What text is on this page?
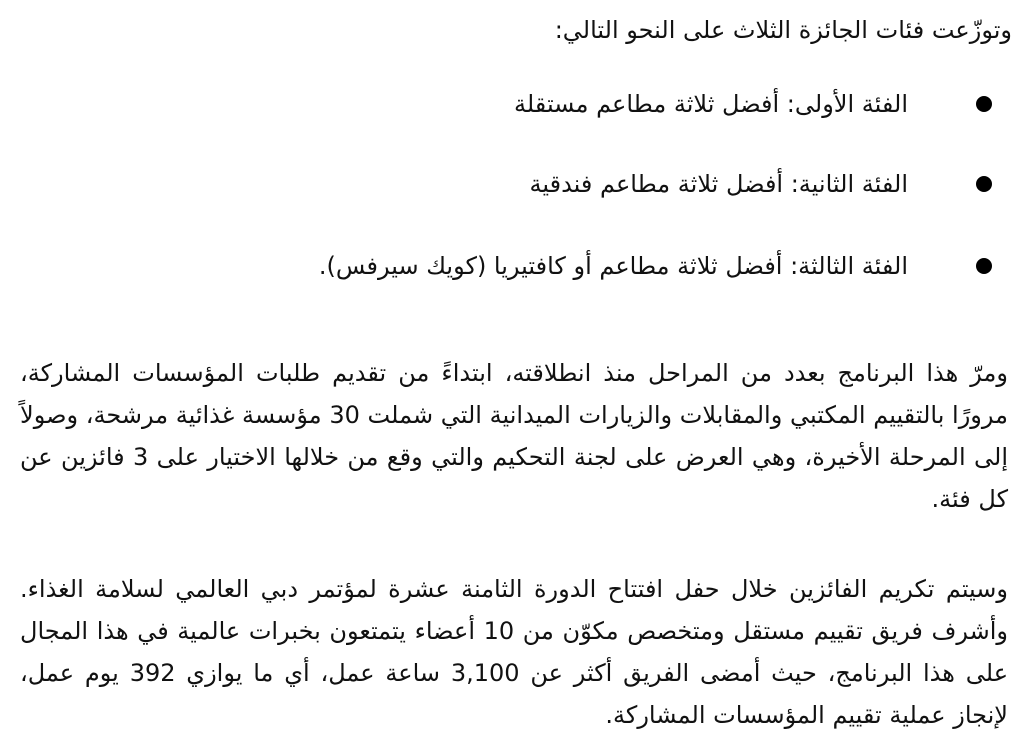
وتوزّعت فئات الجائزة الثلاث على النحو التالي:
الفئة الأولى: أفضل ثلاثة مطاعم مستقلة
الفئة الثانية: أفضل ثلاثة مطاعم فندقية
الفئة الثالثة: أفضل ثلاثة مطاعم أو كافتيريا (كويك سيرفس).

ومرّ هذا البرنامج بعدد من المراحل منذ انطلاقته، ابتداءً من تقديم طلبات المؤسسات المشاركة، مرورًا بالتقييم المكتبي والمقابلات والزيارات الميدانية التي شملت 30 مؤسسة غذائية مرشحة، وصولاً إلى المرحلة الأخيرة، وهي العرض على لجنة التحكيم والتي وقع من خلالها الاختيار على 3 فائزين عن كل فئة.

وسيتم تكريم الفائزين خلال حفل افتتاح الدورة الثامنة عشرة لمؤتمر دبي العالمي لسلامة الغذاء. وأشرف فريق تقييم مستقل ومتخصص مكوّن من 10 أعضاء يتمتعون بخبرات عالمية في هذا المجال على هذا البرنامج، حيث أمضى الفريق أكثر عن 3,100 ساعة عمل، أي ما يوازي 392 يوم عمل، لإنجاز عملية تقييم المؤسسات المشاركة.
